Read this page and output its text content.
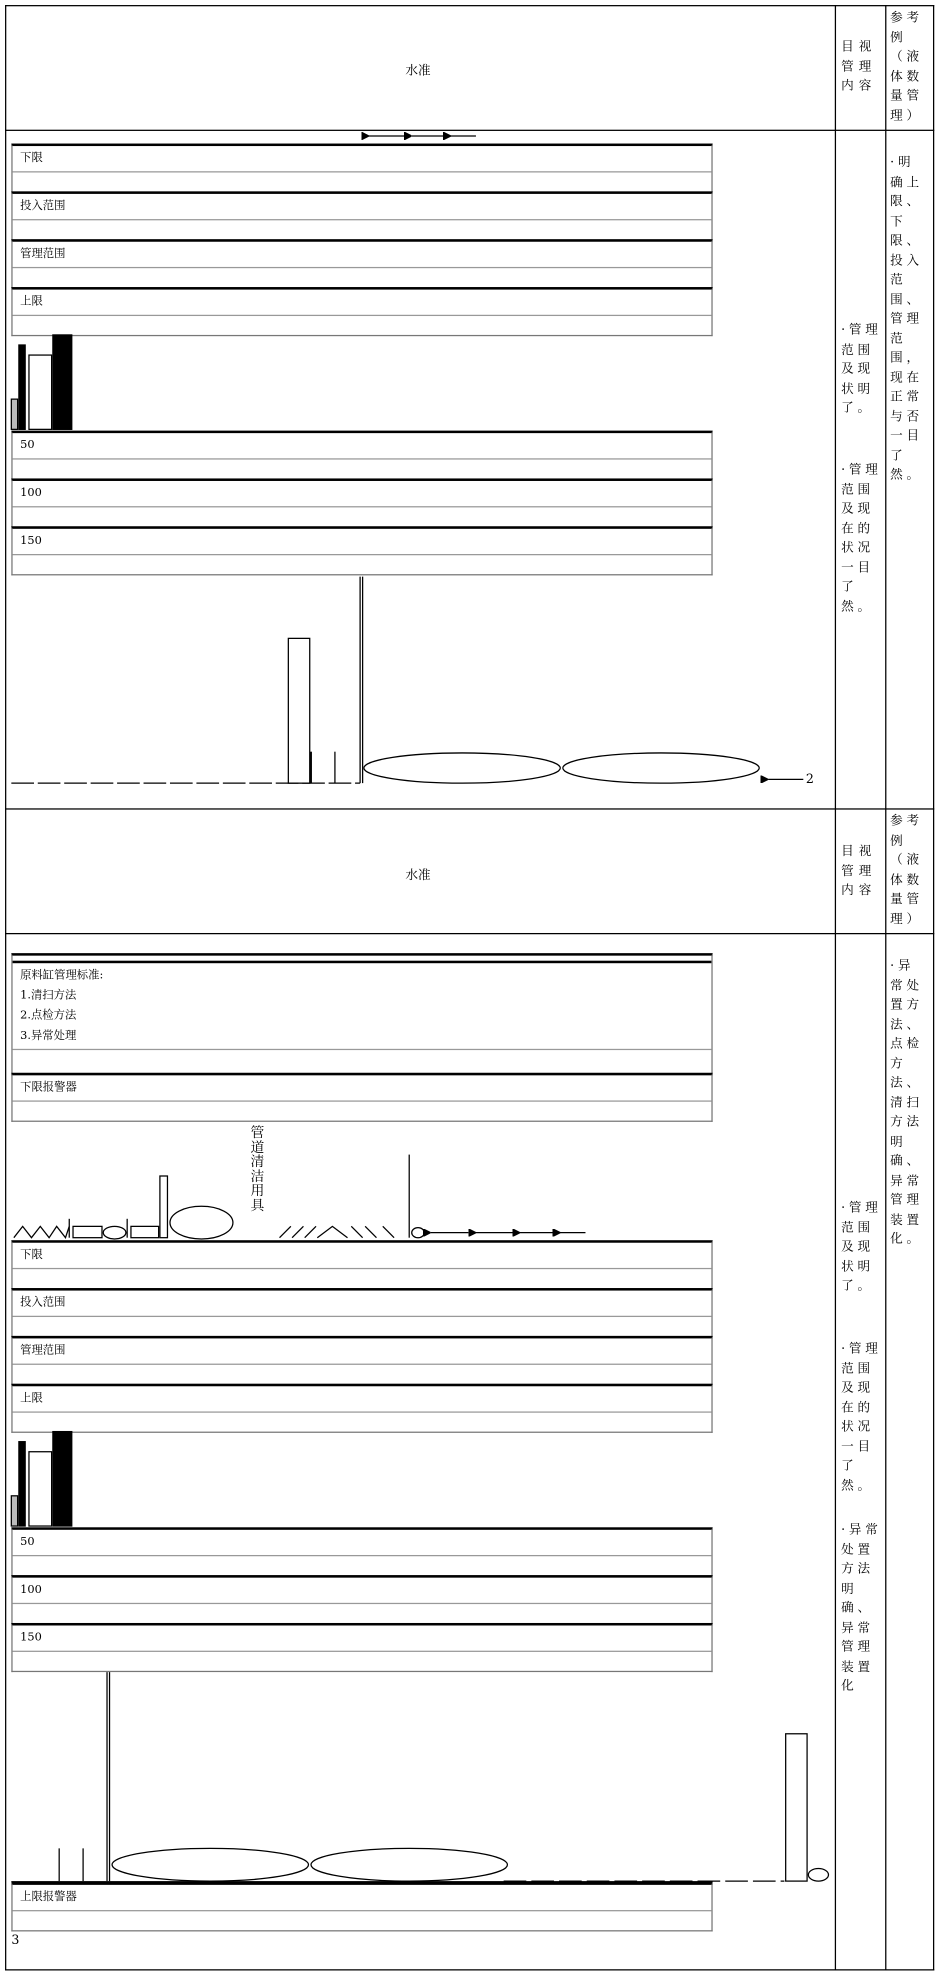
水准
目视管理内容
参考例（液体数量管理）
下限
投入范围
管理范围
上限
50
100
150
2
·管理范围及现状明了。
·管理范围及现在的状况一目了然。
·明确上限、下限、投入范围、管理范围，现在正常与否一目了然。
水准
目视管理内容
参考例（液体数量管理）
原料缸管理标准:
1.清扫方法
2.点检方法
3.异常处理
下限报警器
管道清洁用具
下限
投入范围
管理范围
上限
50
100
150
上限报警器
3
·管理范围及现状明了。
·管理范围及现在的状况一目了然。
·异常处置方法明确、异常管理装置化
·异常处置方法、点检方法、清扫方法明确、异常管理装置化。
